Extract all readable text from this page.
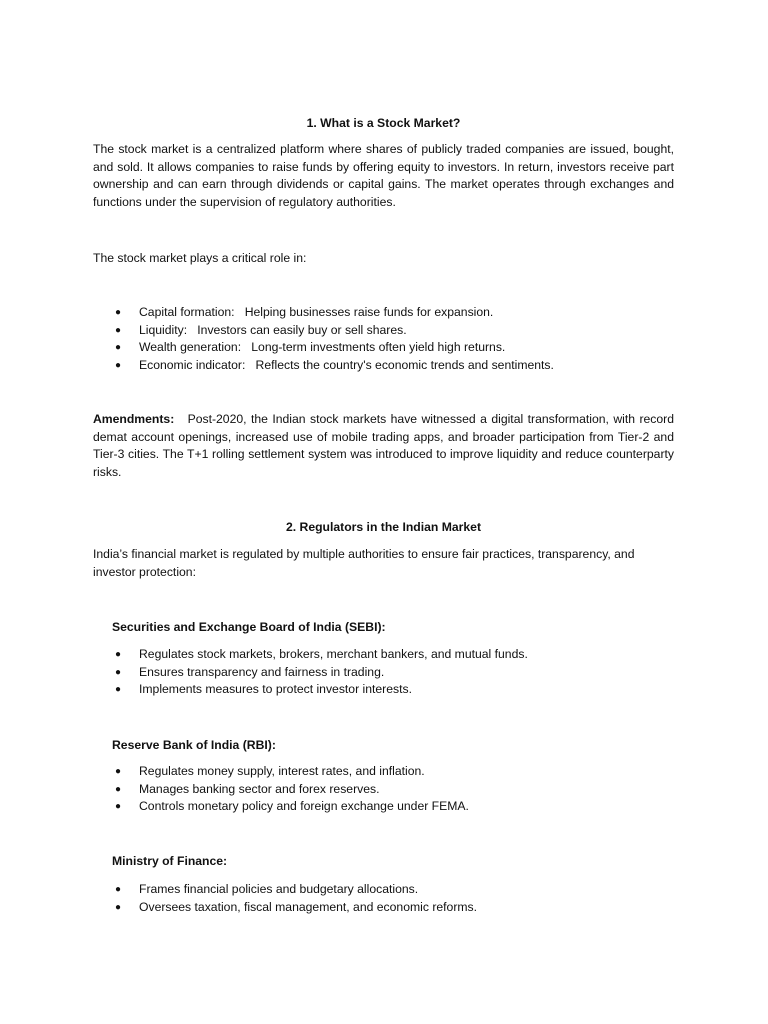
1. What is a Stock Market?

The stock market is a centralized platform where shares of publicly traded companies are issued, bought, and sold. It allows companies to raise funds by offering equity to investors. In return, investors receive part ownership and can earn through dividends or capital gains. The market operates through exchanges and functions under the supervision of regulatory authorities.

The stock market plays a critical role in:

● Capital formation: Helping businesses raise funds for expansion.
● Liquidity: Investors can easily buy or sell shares.
● Wealth generation: Long-term investments often yield high returns.
● Economic indicator: Reflects the country's economic trends and sentiments.

Amendments: Post-2020, the Indian stock markets have witnessed a digital transformation, with record demat account openings, increased use of mobile trading apps, and broader participation from Tier-2 and Tier-3 cities. The T+1 rolling settlement system was introduced to improve liquidity and reduce counterparty risks.

2. Regulators in the Indian Market

India’s financial market is regulated by multiple authorities to ensure fair practices, transparency, and investor protection:

Securities and Exchange Board of India (SEBI):

● Regulates stock markets, brokers, merchant bankers, and mutual funds.
● Ensures transparency and fairness in trading.
● Implements measures to protect investor interests.

Reserve Bank of India (RBI):

● Regulates money supply, interest rates, and inflation.
● Manages banking sector and forex reserves.
● Controls monetary policy and foreign exchange under FEMA.

Ministry of Finance:

● Frames financial policies and budgetary allocations.
● Oversees taxation, fiscal management, and economic reforms.
